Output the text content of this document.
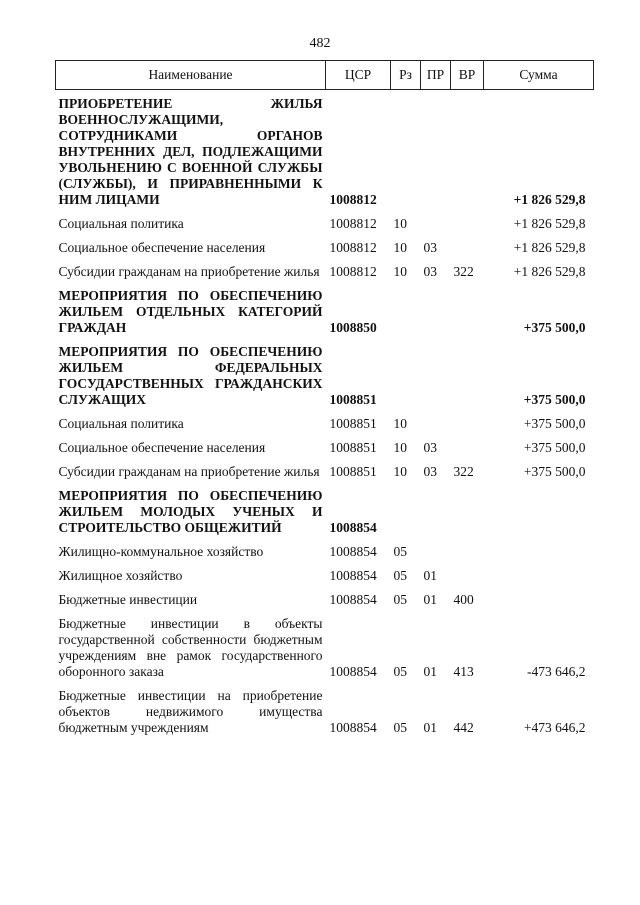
482
Наименование	ЦСР	Рз	ПР	ВР	Сумма
ПРИОБРЕТЕНИЕ ЖИЛЬЯ ВОЕННОСЛУЖАЩИМИ, СОТРУДНИКАМИ ОРГАНОВ ВНУТРЕННИХ ДЕЛ, ПОДЛЕЖАЩИМИ УВОЛЬНЕНИЮ С ВОЕННОЙ СЛУЖБЫ (СЛУЖБЫ), И ПРИРАВНЕННЫМИ К НИМ ЛИЦАМИ	1008812				+1 826 529,8
Социальная политика	1008812	10			+1 826 529,8
Социальное обеспечение населения	1008812	10	03		+1 826 529,8
Субсидии гражданам на приобретение жилья	1008812	10	03	322	+1 826 529,8
МЕРОПРИЯТИЯ ПО ОБЕСПЕЧЕНИЮ ЖИЛЬЕМ ОТДЕЛЬНЫХ КАТЕГОРИЙ ГРАЖДАН	1008850				+375 500,0
МЕРОПРИЯТИЯ ПО ОБЕСПЕЧЕНИЮ ЖИЛЬЕМ ФЕДЕРАЛЬНЫХ ГОСУДАРСТВЕННЫХ ГРАЖДАНСКИХ СЛУЖАЩИХ	1008851				+375 500,0
Социальная политика	1008851	10			+375 500,0
Социальное обеспечение населения	1008851	10	03		+375 500,0
Субсидии гражданам на приобретение жилья	1008851	10	03	322	+375 500,0
МЕРОПРИЯТИЯ ПО ОБЕСПЕЧЕНИЮ ЖИЛЬЕМ МОЛОДЫХ УЧЕНЫХ И СТРОИТЕЛЬСТВО ОБЩЕЖИТИЙ	1008854				
Жилищно-коммунальное хозяйство	1008854	05			
Жилищное хозяйство	1008854	05	01		
Бюджетные инвестиции	1008854	05	01	400	
Бюджетные инвестиции в объекты государственной собственности бюджетным учреждениям вне рамок государственного оборонного заказа	1008854	05	01	413	-473 646,2
Бюджетные инвестиции на приобретение объектов недвижимого имущества бюджетным учреждениям	1008854	05	01	442	+473 646,2
